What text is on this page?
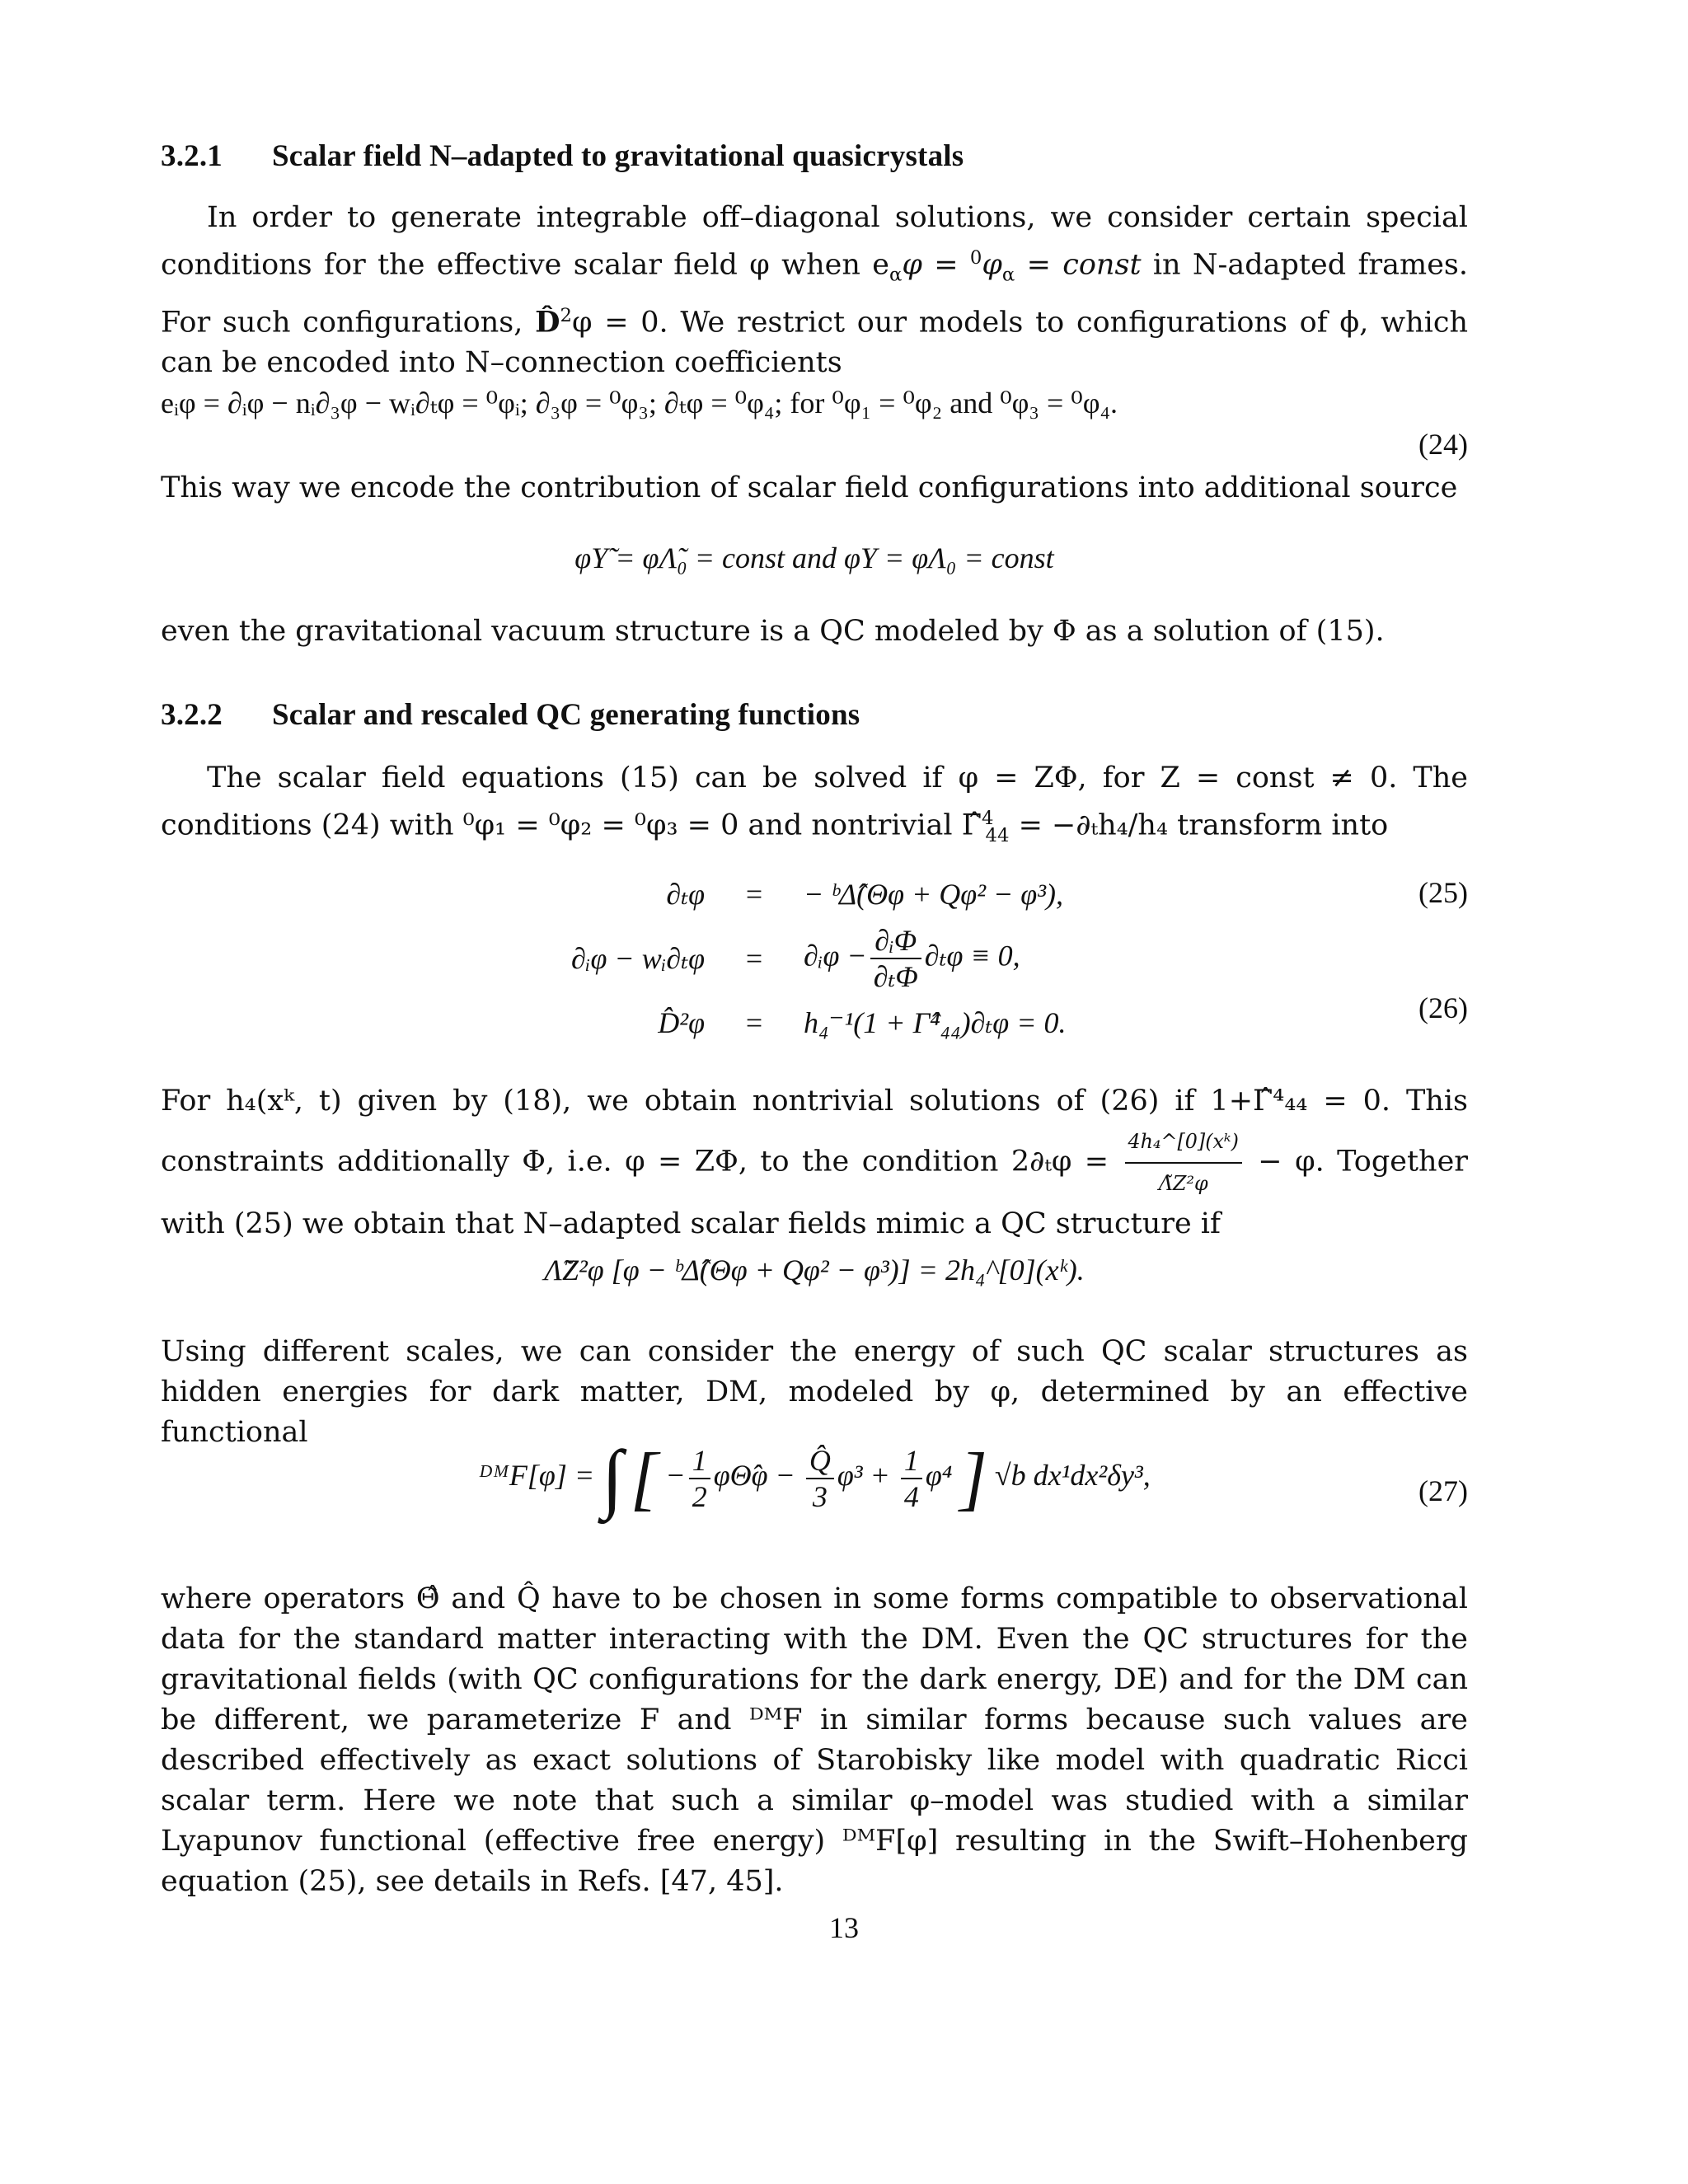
3.2.1 Scalar field N–adapted to gravitational quasicrystals

In order to generate integrable off–diagonal solutions, we consider certain special conditions for the effective scalar field φ when $e_\alpha\varphi = ^0\varphi_\alpha$ = const in N-adapted frames. For such configurations, D̂$^2$φ = 0. We restrict our models to configurations of ϕ, which can be encoded into N–connection coefficients

eᵢφ = ∂ᵢφ − nᵢ∂₃φ − wᵢ∂ₜφ = ⁰φᵢ; ∂₃φ = ⁰φ₃; ∂ₜφ = ⁰φ₄; for ⁰φ₁ = ⁰φ₂ and ⁰φ₃ = ⁰φ₄.
(24)

This way we encode the contribution of scalar field configurations into additional source

φΥ̃ = φΛ̃₀ = const and φΥ = φΛ₀ = const

even the gravitational vacuum structure is a QC modeled by Φ as a solution of (15).

3.2.2 Scalar and rescaled QC generating functions

The scalar field equations (15) can be solved if φ = ZΦ, for Z = const ≠ 0. The conditions (24) with ⁰φ₁ = ⁰φ₂ = ⁰φ₃ = 0 and nontrivial Γ̂$^4_{44}$ = −∂ₜh₄/h₄ transform into

∂ₜφ	=	− ᵇΔ̂(Θφ + Qφ² − φ³),
∂ᵢφ − wᵢ∂ₜφ	=	∂ᵢφ − $\frac{\text{∂ᵢΦ}}{\text{∂ₜΦ}} \partial_t\varphi \equiv 0$,
D̂²φ	=	h₄⁻¹(1 + Γ̂⁴₄₄)∂ₜφ = 0.
(25)
(26)

For h₄(xᵏ, t) given by (18), we obtain nontrivial solutions of (26) if 1+Γ̂⁴₄₄ = 0. This constraints additionally Φ, i.e. φ = ZΦ, to the condition $2\partial_t\varphi = \frac{\text{4h₄\textasciicircum{}[0](xᵏ)}}{\text{Λ̃Z²φ}} - \varphi$. Together with (25) we obtain that N–adapted scalar fields mimic a QC structure if

Λ̃Z²φ [φ − ᵇΔ̂(Θφ + Qφ² − φ³)] = 2h₄^[0](xᵏ).

Using different scales, we can consider the energy of such QC scalar structures as hidden energies for dark matter, DM, modeled by φ, determined by an effective functional

ᴰᴹF[φ] = ∫ [ − $\frac{1}{2}$ φΘ̂φ − $\frac{Q̂}{3} \varphi^3 + \frac{1}{4} \varphi^4$ ] √b dx¹dx²δy³,	(27)

where operators Θ̂ and Q̂ have to be chosen in some forms compatible to observational data for the standard matter interacting with the DM. Even the QC structures for the gravitational fields (with QC configurations for the dark energy, DE) and for the DM can be different, we parameterize F and ᴰᴹF in similar forms because such values are described effectively as exact solutions of Starobisky like model with quadratic Ricci scalar term. Here we note that such a similar φ–model was studied with a similar Lyapunov functional (effective free energy) ᴰᴹF[φ] resulting in the Swift–Hohenberg equation (25), see details in Refs. [47, 45].

13
